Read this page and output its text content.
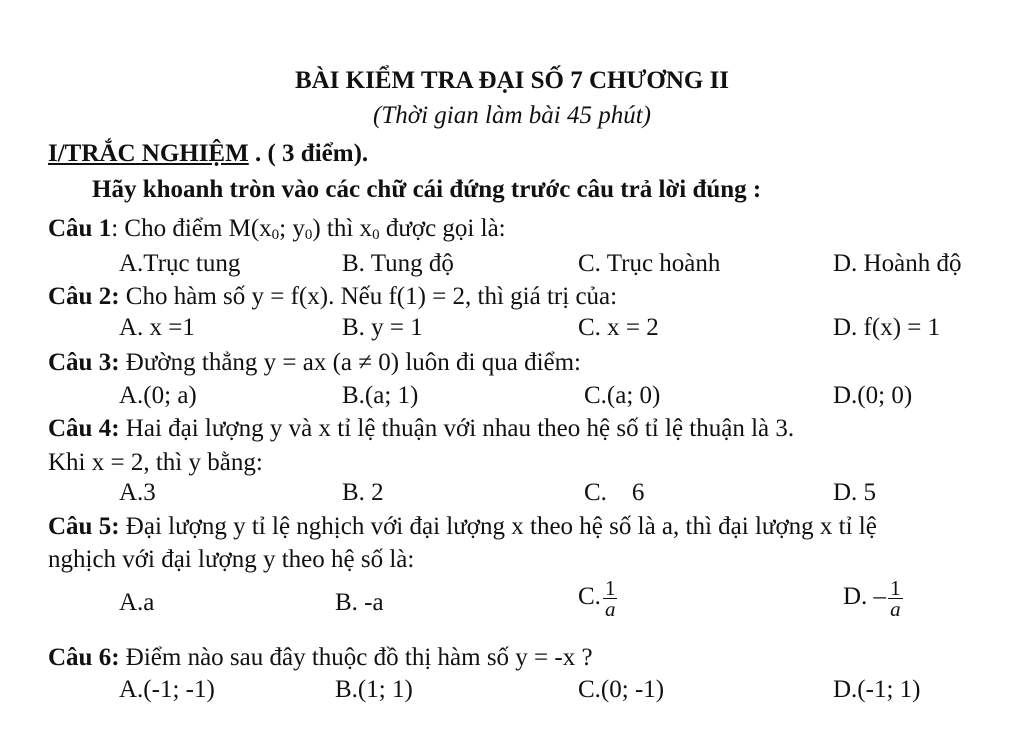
BÀI KIỂM TRA ĐẠI SỐ 7 CHƯƠNG II
(Thời gian làm bài 45 phút)
I/TRẮC NGHIỆM . ( 3 điểm).
Hãy khoanh tròn vào các chữ cái đứng trước câu trả lời đúng :
Câu 1: Cho điểm $M(x_0$; $y_0$) thì $x_0$ được gọi là:
A.Trục tung	B. Tung độ	C. Trục hoành	D. Hoành độ
Câu 2: Cho hàm số y = f(x). Nếu f(1) = 2, thì giá trị của:
A. x =1	B. y = 1	C. x = 2	D. f(x) = 1
Câu 3: Đường thẳng y = ax (a ≠ 0) luôn đi qua điểm:
A.(0; a)	B.(a; 1)	C.(a; 0)	D.(0; 0)
Câu 4: Hai đại lượng y và x tỉ lệ thuận với nhau theo hệ số tỉ lệ thuận là 3.
Khi x = 2, thì y bằng:
A.3	B. 2	C.    6	D. 5
Câu 5: Đại lượng y tỉ lệ nghịch với đại lượng x theo hệ số là a, thì đại lượng x tỉ lệ
nghịch với đại lượng y theo hệ số là:
A.a	B. -a	C. $\frac{1}{a}$	D. – $\frac{1}{a}$
Câu 6: Điểm nào sau đây thuộc đồ thị hàm số y = -x ?
A.(-1; -1)	B.(1; 1)	C.(0; -1)	D.(-1; 1)
